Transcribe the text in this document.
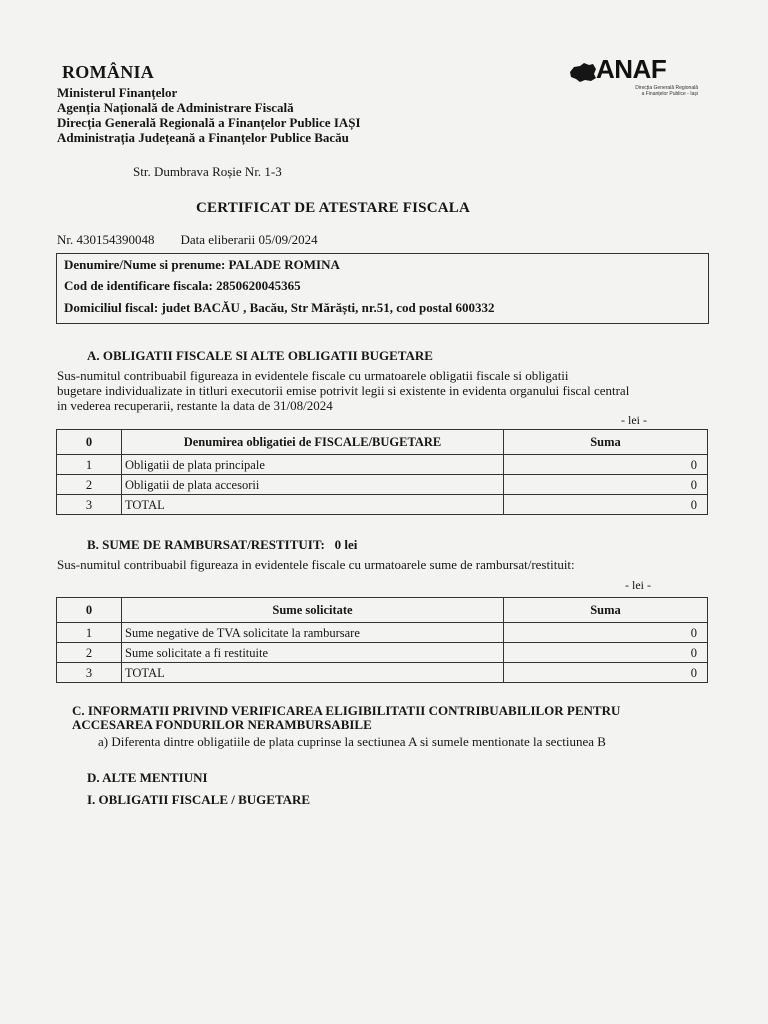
ROMÂNIA
Ministerul Finanțelor
Agenția Națională de Administrare Fiscală
Direcția Generală Regională a Finanțelor Publice IAȘI
Administrația Județeană a Finanțelor Publice Bacău
ANAF
Direcția Generală Regională
a Finanțelor Publice - Iași
Str. Dumbrava Roșie Nr. 1-3
CERTIFICAT DE ATESTARE FISCALA
Nr. 430154390048 Data eliberarii 05/09/2024
Denumire/Nume si prenume: PALADE ROMINA
Cod de identificare fiscala: 2850620045365
Domiciliul fiscal: judet BACĂU , Bacău, Str Mărăști, nr.51, cod postal 600332
A. OBLIGATII FISCALE SI ALTE OBLIGATII BUGETARE
Sus-numitul contribuabil figureaza in evidentele fiscale cu urmatoarele obligatii fiscale si obligatii
bugetare individualizate in titluri executorii emise potrivit legii si existente in evidenta organului fiscal central
in vederea recuperarii, restante la data de 31/08/2024
- lei -
0	Denumirea obligatiei de FISCALE/BUGETARE	Suma
1	Obligatii de plata principale	0
2	Obligatii de plata accesorii	0
3	TOTAL	0
B. SUME DE RAMBURSAT/RESTITUIT: 0 lei
Sus-numitul contribuabil figureaza in evidentele fiscale cu urmatoarele sume de rambursat/restituit:
- lei -
0	Sume solicitate	Suma
1	Sume negative de TVA solicitate la rambursare	0
2	Sume solicitate a fi restituite	0
3	TOTAL	0
C. INFORMATII PRIVIND VERIFICAREA ELIGIBILITATII CONTRIBUABILILOR PENTRU
ACCESAREA FONDURILOR NERAMBURSABILE
a) Diferenta dintre obligatiile de plata cuprinse la sectiunea A si sumele mentionate la sectiunea B
D. ALTE MENTIUNI
I. OBLIGATII FISCALE / BUGETARE
